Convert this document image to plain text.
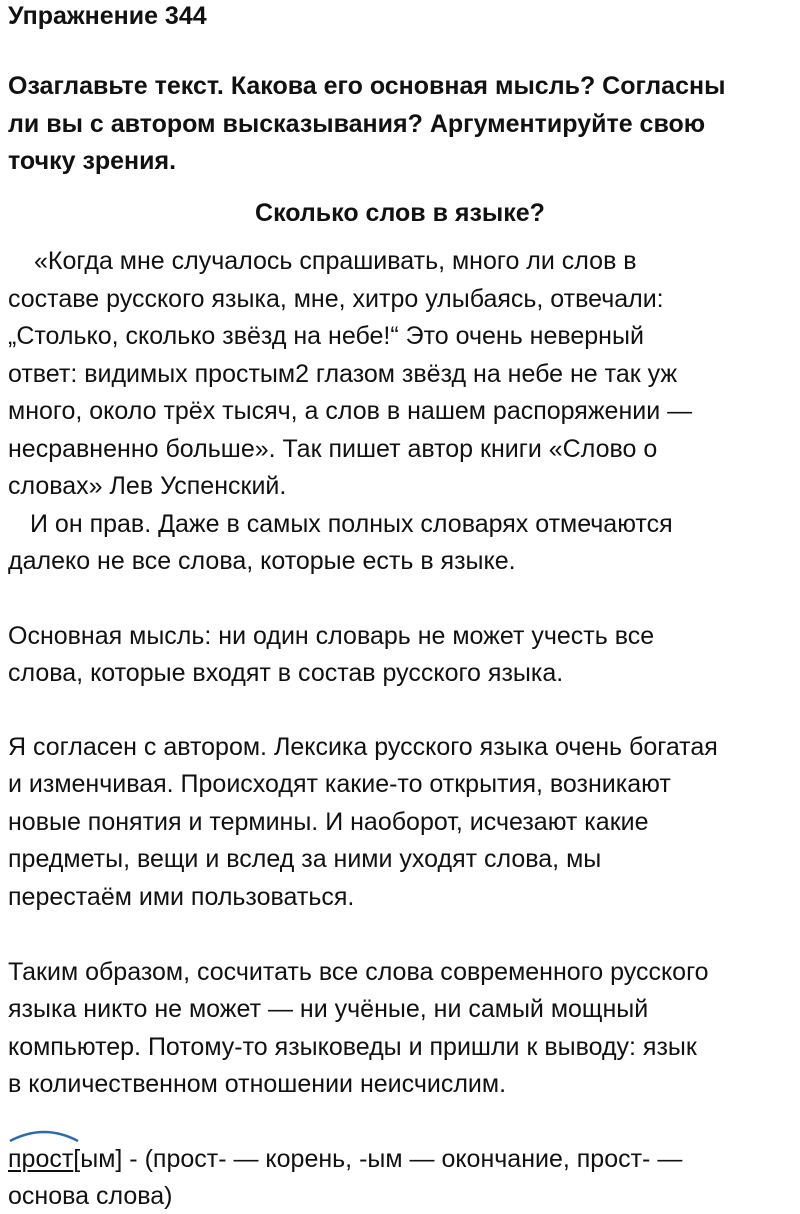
Упражнение 344
Озаглавьте текст. Какова его основная мысль? Согласны
ли вы с автором высказывания? Аргументируйте свою
точку зрения.
Сколько слов в языке?
«Когда мне случалось спрашивать, много ли слов в
составе русского языка, мне, хитро улыбаясь, отвечали:
„Столько, сколько звёзд на небе!“ Это очень неверный
ответ: видимых простым2 глазом звёзд на небе не так уж
много, около трёх тысяч, а слов в нашем распоряжении —
несравненно больше». Так пишет автор книги «Слово о
словах» Лев Успенский.
И он прав. Даже в самых полных словарях отмечаются
далеко не все слова, которые есть в языке.
Основная мысль: ни один словарь не может учесть все
слова, которые входят в состав русского языка.
Я согласен с автором. Лексика русского языка очень богатая
и изменчивая. Происходят какие-то открытия, возникают
новые понятия и термины. И наоборот, исчезают какие
предметы, вещи и вслед за ними уходят слова, мы
перестаём ими пользоваться.
Таким образом, сосчитать все слова современного русского
языка никто не может — ни учёные, ни самый мощный
компьютер. Потому-то языковеды и пришли к выводу: язык
в количественном отношении неисчислим.
прост[ым] - (прост- — корень, -ым — окончание, прост- —
основа слова)
